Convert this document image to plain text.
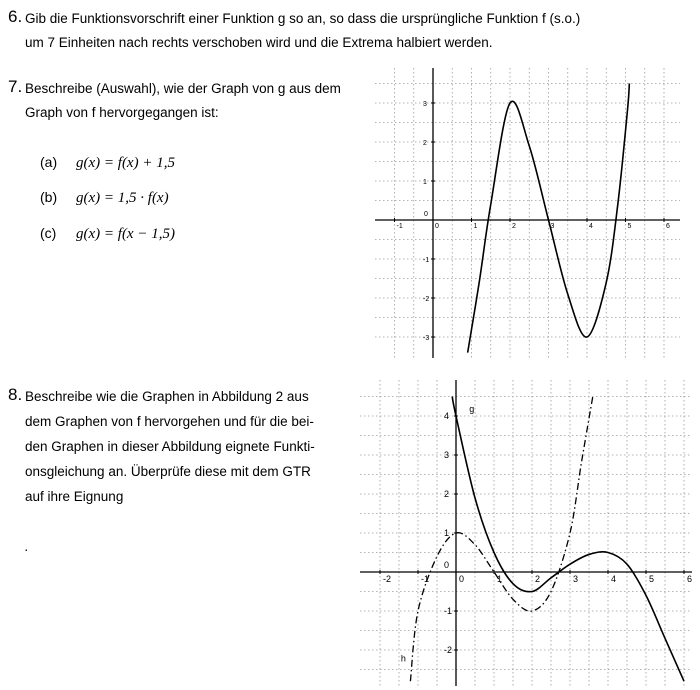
6. Gib die Funktionsvorschrift einer Funktion g so an, so dass die ursprüngliche Funktion f (s.o.)
um 7 Einheiten nach rechts verschoben wird und die Extrema halbiert werden.
7. Beschreibe (Auswahl), wie der Graph von g aus dem
Graph von f hervorgegangen ist:
(a) g(x) = f(x) + 1,5
(b) g(x) = 1,5 · f(x)
(c) g(x) = f(x − 1,5)	-1	0	1	2	3	4	5	6
3
2
1
0
-1
-2
-3
8. Beschreibe wie die Graphen in Abbildung 2 aus
dem Graphen von f hervorgehen und für die bei-
den Graphen in dieser Abbildung eignete Funkti-
onsgleichung an. Überprüfe diese mit dem GTR
auf ihre Eignung
·
-2	-1	0	1	2	3	4	5	6
4
3
2
1
0
-1
-2
g
h
